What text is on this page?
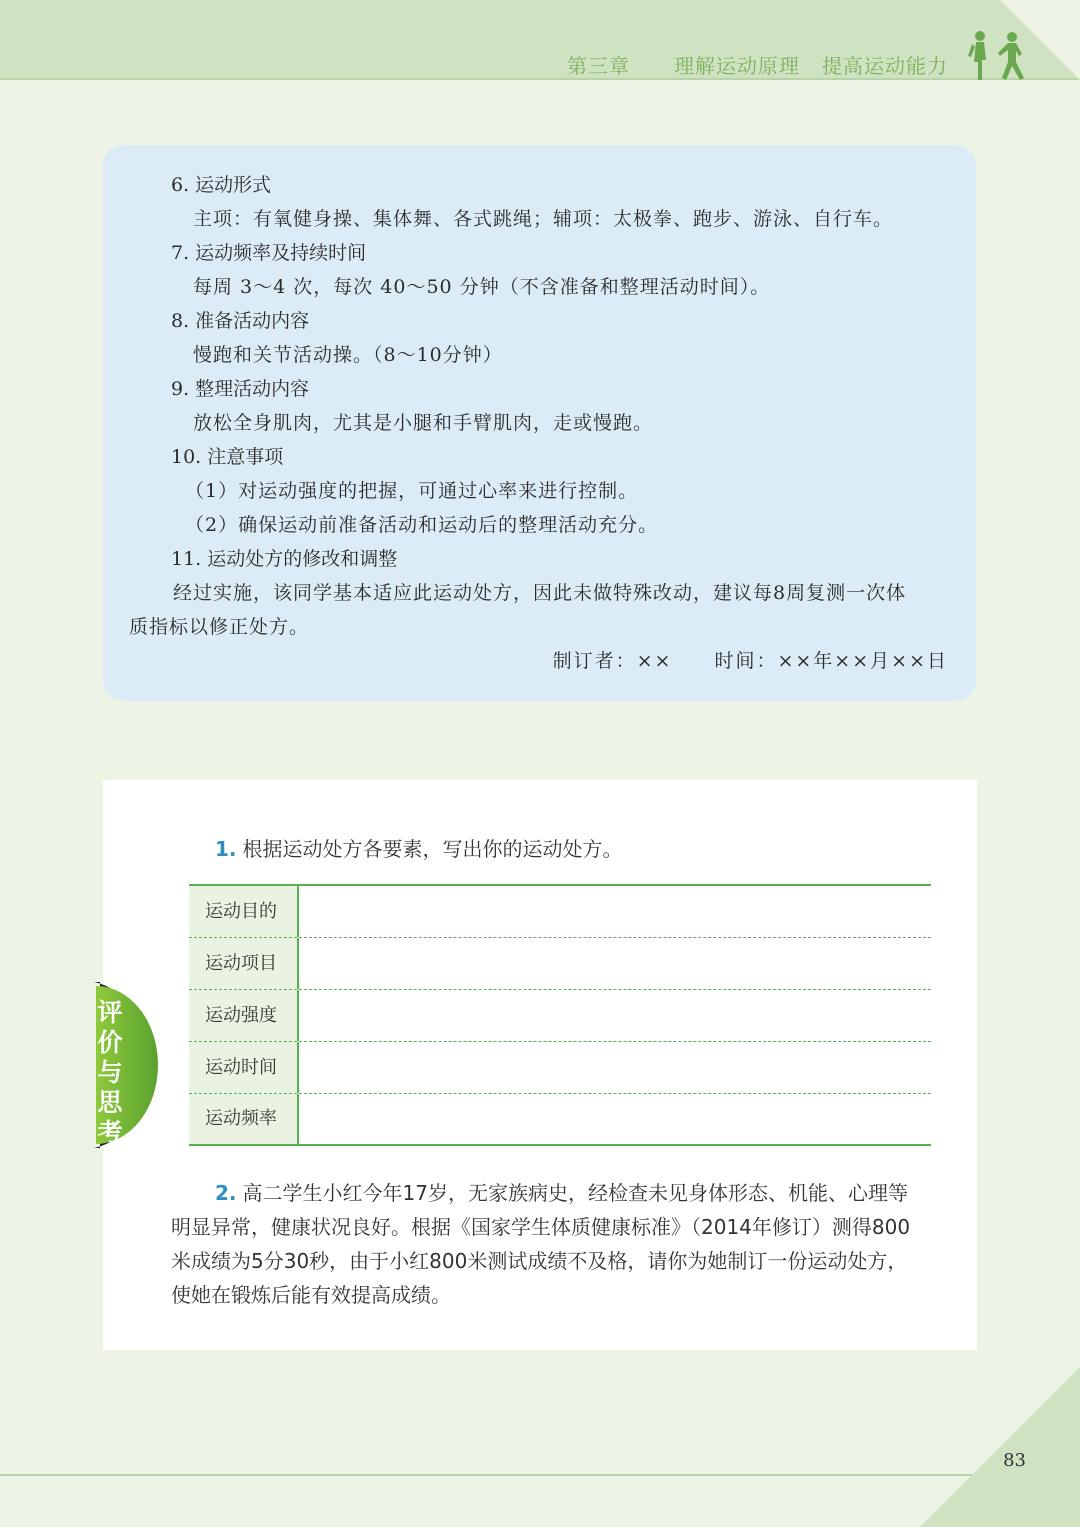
第三章 理解运动原理 提高运动能力
6. 运动形式
主项：有氧健身操、集体舞、各式跳绳；辅项：太极拳、跑步、游泳、自行车。
7. 运动频率及持续时间
每周 3～4 次，每次 40～50 分钟（不含准备和整理活动时间）。
8. 准备活动内容
慢跑和关节活动操。（8～10分钟）
9. 整理活动内容
放松全身肌肉，尤其是小腿和手臂肌肉，走或慢跑。
10. 注意事项
（1）对运动强度的把握，可通过心率来进行控制。
（2）确保运动前准备活动和运动后的整理活动充分。
11. 运动处方的修改和调整
经过实施，该同学基本适应此运动处方，因此未做特殊改动，建议每8周复测一次体
质指标以修正处方。
制订者：××　　时间：××年××月××日
1. 根据运动处方各要素，写出你的运动处方。
运动目的
运动项目
运动强度
运动时间
运动频率
2. 高二学生小红今年17岁，无家族病史，经检查未见身体形态、机能、心理等
明显异常，健康状况良好。根据《国家学生体质健康标准》（2014年修订）测得800
米成绩为5分30秒，由于小红800米测试成绩不及格，请你为她制订一份运动处方，
使她在锻炼后能有效提高成绩。
评
价
与
思
考
83
